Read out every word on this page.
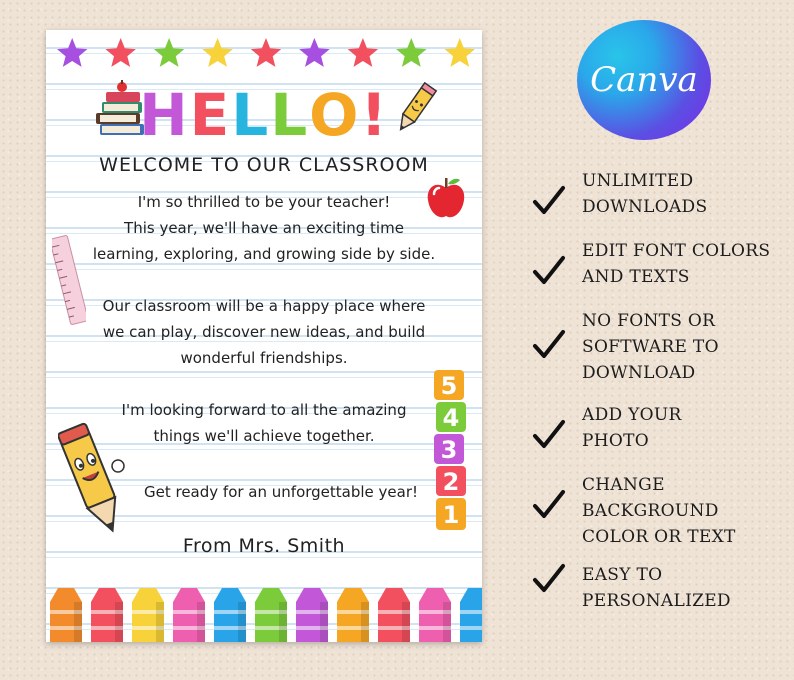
HELLO!
WELCOME TO OUR CLASSROOM
I'm so thrilled to be your teacher!
This year, we'll have an exciting time
learning, exploring, and growing side by side.
Our classroom will be a happy place where
we can play, discover new ideas, and build
wonderful friendships.
I'm looking forward to all the amazing
things we'll achieve together.
5
4
3
2
1
Get ready for an unforgettable year!
From Mrs. Smith
Canva
UNLIMITED
DOWNLOADS
EDIT FONT COLORS
AND TEXTS
NO FONTS OR
SOFTWARE TO
DOWNLOAD
ADD YOUR
PHOTO
CHANGE
BACKGROUND
COLOR OR TEXT
EASY TO
PERSONALIZED
